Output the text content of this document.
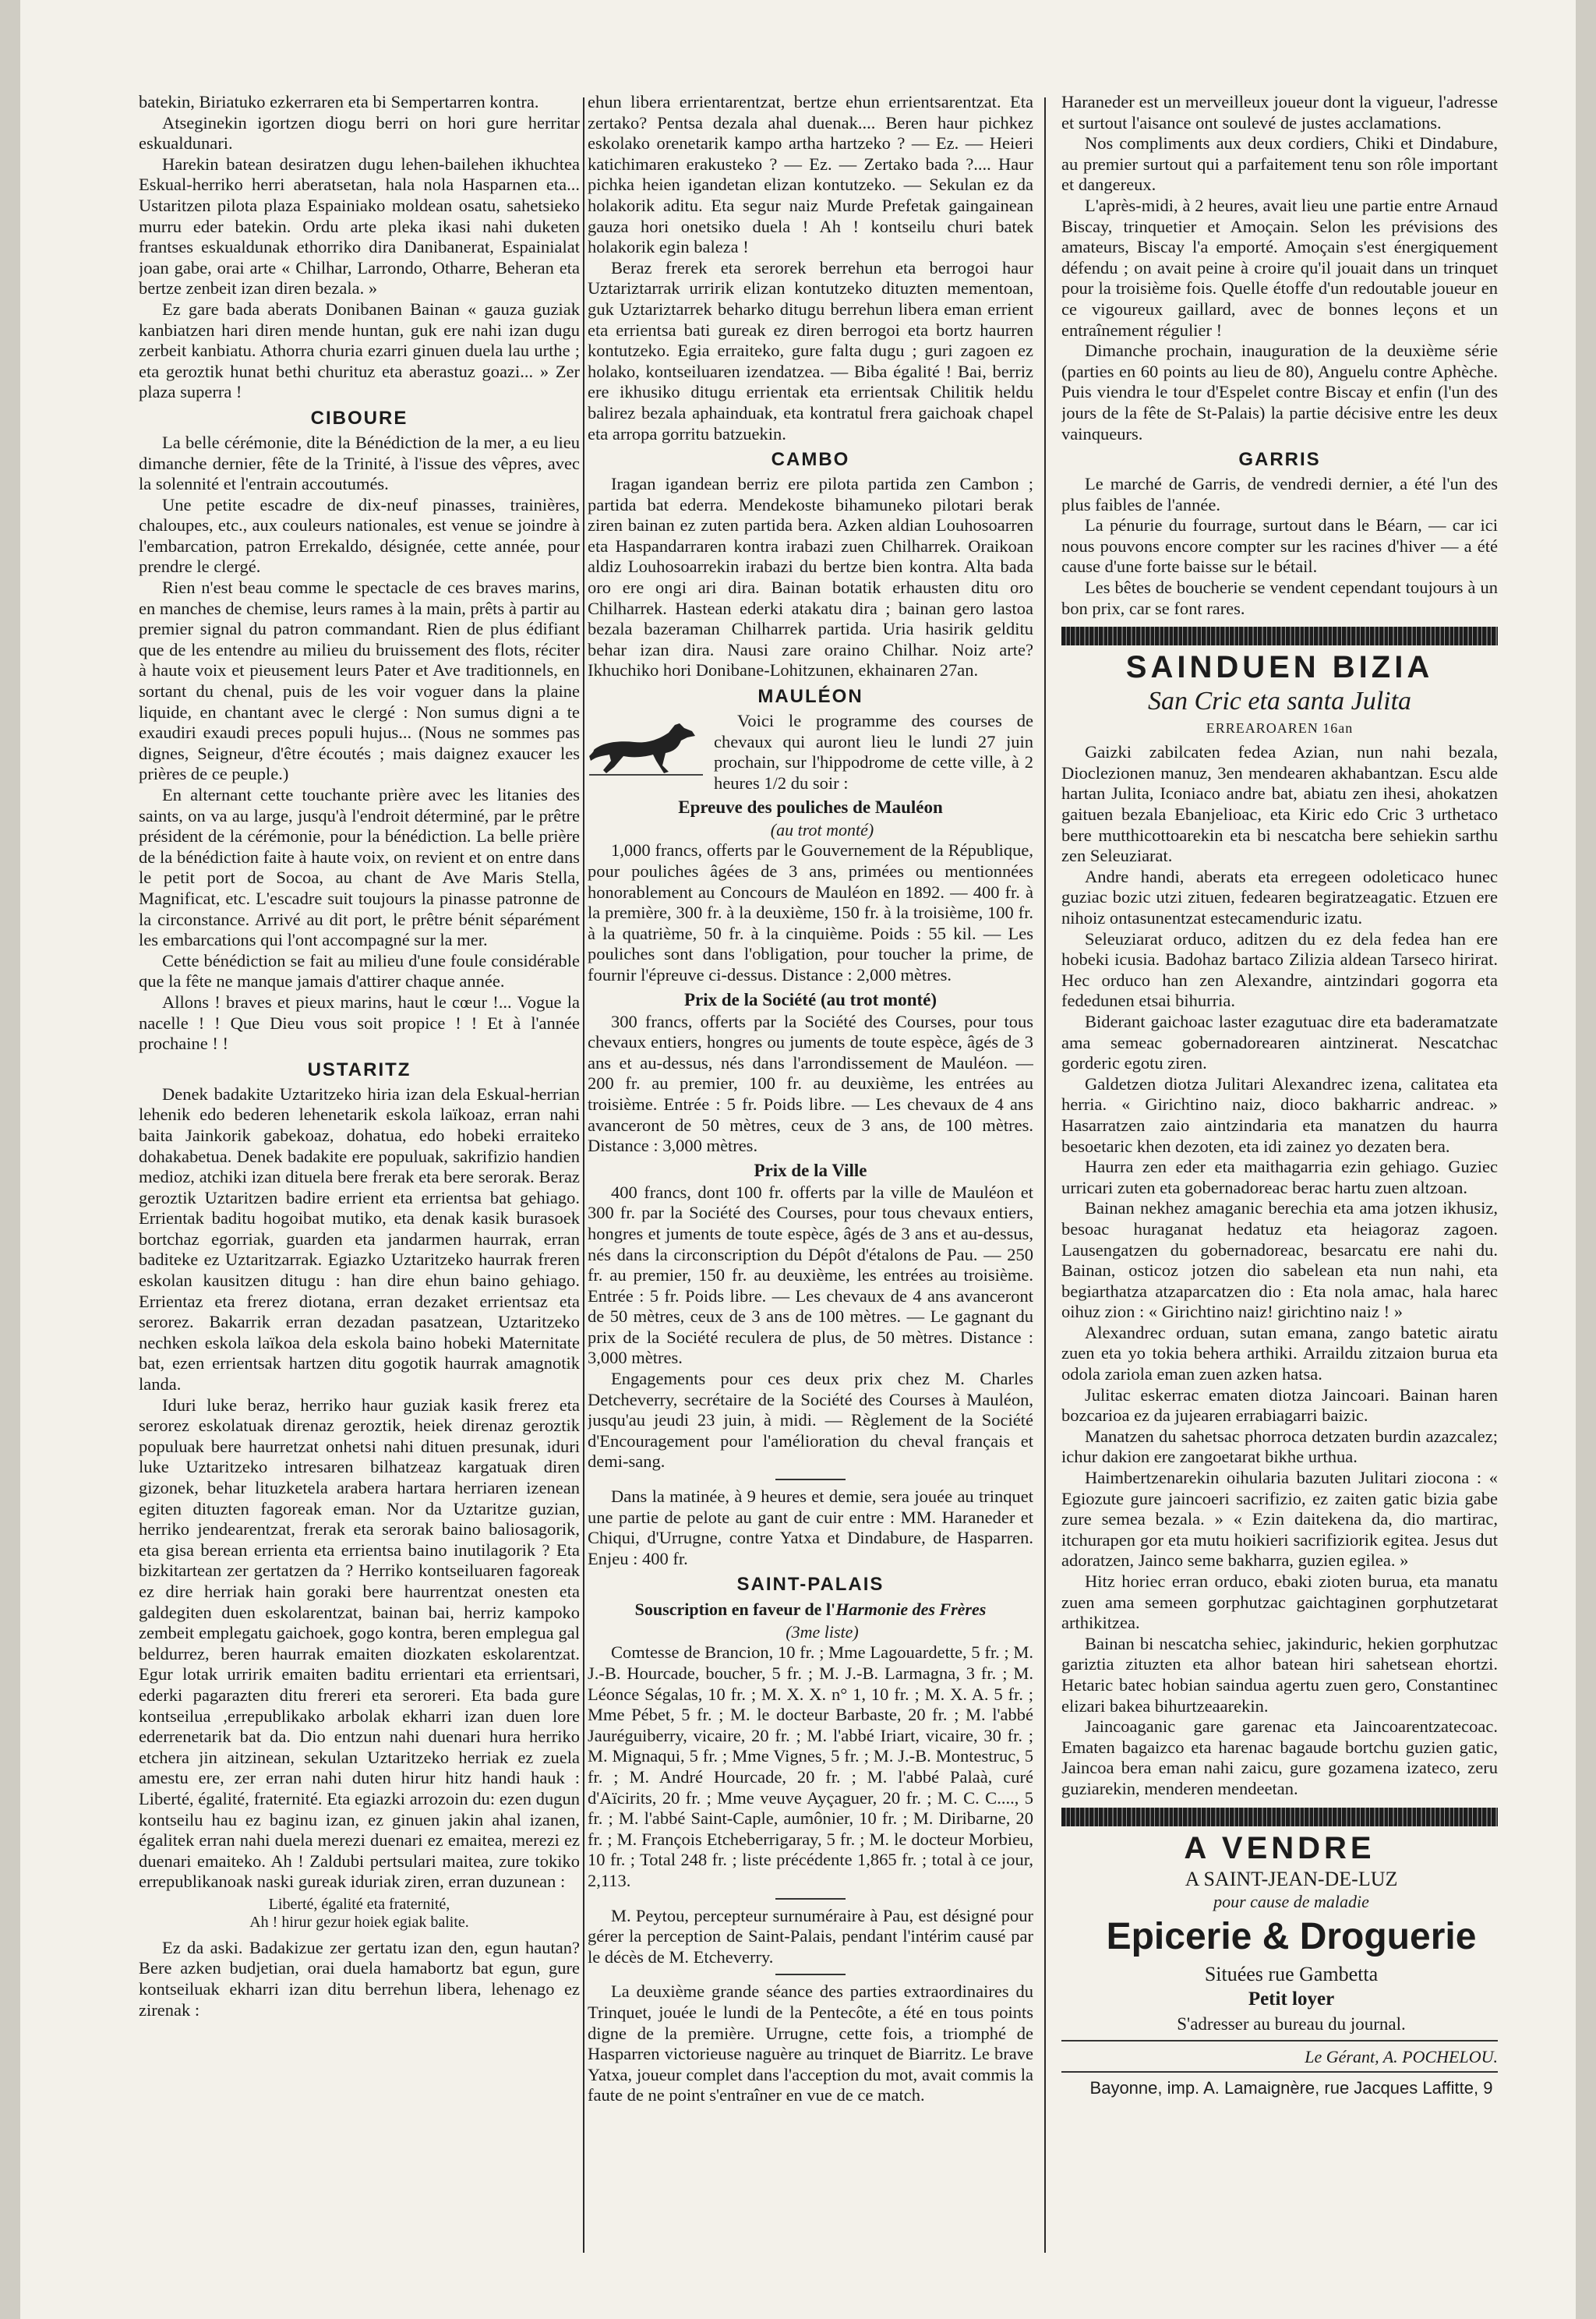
batekin, Biriatuko ezkerraren eta bi Sempertarren kontra.

Atseginekin igortzen diogu berri on hori gure herritar eskualdunari.

Harekin batean desiratzen dugu lehen-bailehen ikhuchtea Eskual-herriko herri aberatsetan, hala nola Hasparnen eta... Ustaritzen pilota plaza Espainiako moldean osatu, sahetsieko murru eder batekin. Ordu arte pleka ikasi nahi duketen frantses eskualdunak ethorriko dira Danibanerat, Espainialat joan gabe, orai arte « Chilhar, Larrondo, Otharre, Beheran eta bertze zenbeit izan diren bezala. »

Ez gare bada aberats Donibanen Bainan « gauza guziak kanbiatzen hari diren mende huntan, guk ere nahi izan dugu zerbeit kanbiatu. Athorra churia ezarri ginuen duela lau urthe ; eta geroztik hunat bethi churituz eta aberastuz goazi... » Zer plaza superra !

CIBOURE

La belle cérémonie, dite la Bénédiction de la mer, a eu lieu dimanche dernier, fête de la Trinité, à l'issue des vêpres, avec la solennité et l'entrain accoutumés.

Une petite escadre de dix-neuf pinasses, trainières, chaloupes, etc., aux couleurs nationales, est venue se joindre à l'embarcation, patron Errekaldo, désignée, cette année, pour prendre le clergé.

Rien n'est beau comme le spectacle de ces braves marins, en manches de chemise, leurs rames à la main, prêts à partir au premier signal du patron commandant. Rien de plus édifiant que de les entendre au milieu du bruissement des flots, réciter à haute voix et pieusement leurs Pater et Ave traditionnels, en sortant du chenal, puis de les voir voguer dans la plaine liquide, en chantant avec le clergé : Non sumus digni a te exaudiri exaudi preces populi hujus... (Nous ne sommes pas dignes, Seigneur, d'être écoutés ; mais daignez exaucer les prières de ce peuple.)

En alternant cette touchante prière avec les litanies des saints, on va au large, jusqu'à l'endroit déterminé, par le prêtre président de la cérémonie, pour la bénédiction. La belle prière de la bénédiction faite à haute voix, on revient et on entre dans le petit port de Socoa, au chant de Ave Maris Stella, Magnificat, etc. L'escadre suit toujours la pinasse patronne de la circonstance. Arrivé au dit port, le prêtre bénit séparément les embarcations qui l'ont accompagné sur la mer.

Cette bénédiction se fait au milieu d'une foule considérable que la fête ne manque jamais d'attirer chaque année.

Allons ! braves et pieux marins, haut le cœur !... Vogue la nacelle ! ! Que Dieu vous soit propice ! ! Et à l'année prochaine ! !

USTARITZ

Denek badakite Uztaritzeko hiria izan dela Eskual-herrian lehenik edo bederen lehenetarik eskola laïkoaz, erran nahi baita Jainkorik gabekoaz, dohatua, edo hobeki erraiteko dohakabetua. Denek badakite ere populuak, sakrifizio handien medioz, atchiki izan dituela bere frerak eta bere serorak. Beraz geroztik Uztaritzen badire errient eta errientsa bat gehiago. Errientak baditu hogoibat mutiko, eta denak kasik burasoek bortchaz egorriak, guarden eta jandarmen haurrak, erran baditeke ez Uztaritzarrak. Egiazko Uztaritzeko haurrak freren eskolan kausitzen ditugu : han dire ehun baino gehiago. Errientaz eta frerez diotana, erran dezaket errientsaz eta serorez. Bakarrik erran dezadan pasatzean, Uztaritzeko nechken eskola laïkoa dela eskola baino hobeki Maternitate bat, ezen errientsak hartzen ditu gogotik haurrak amagnotik landa.

Iduri luke beraz, herriko haur guziak kasik frerez eta serorez eskolatuak direnaz geroztik, heiek direnaz geroztik populuak bere haurretzat onhetsi nahi dituen presunak, iduri luke Uztaritzeko intresaren bilhatzeaz kargatuak diren gizonek, behar lituzketela arabera hartara herriaren izenean egiten dituzten fagoreak eman. Nor da Uztaritze guzian, herriko jendearentzat, frerak eta serorak baino baliosagorik, eta gisa berean errienta eta errientsa baino inutilagorik ? Eta bizkitartean zer gertatzen da ? Herriko kontseiluaren fagoreak ez dire herriak hain goraki bere haurrentzat onesten eta galdegiten duen eskolarentzat, bainan bai, herriz kampoko zembeit emplegatu gaichoek, gogo kontra, beren emplegua gal beldurrez, beren haurrak emaiten diozkaten eskolarentzat. Egur lotak urririk emaiten baditu errientari eta errientsari, ederki pagarazten ditu frereri eta serorerі. Eta bada gure kontseilua ,errepublikako arbolak ekharri izan duen lore ederrenetarik bat da. Dio entzun nahi duenari hura herriko etchera jin aitzinean, sekulan Uztaritzeko herriak ez zuela amestu ere, zer erran nahi duten hirur hitz handi hauk : Liberté, égalité, fraternité. Eta egiazki arrozoin du: ezen dugun kontseilu hau ez baginu izan, ez ginuen jakin ahal izanen, égalitek erran nahi duela merezi duenari ez emaitea, merezi ez duenari emaiteko. Ah ! Zaldubi pertsulari maitea, zure tokiko errepublikanoak naski gureak iduriak ziren, erran duzunean :

Liberté, égalité eta fraternité,

Ah ! hirur gezur hoiek egiak balite.

Ez da aski. Badakizue zer gertatu izan den, egun hautan? Bere azken budjetian, orai duela hamabortz bat egun, gure kontseiluak ekharri izan ditu berrehun libera, lehenago ez zirenak :

ehun libera errientarentzat, bertze ehun errientsarentzat. Eta zertako? Pentsa dezala ahal duenak.... Beren haur pichkez eskolako orenetarik kampo artha hartzeko ? — Ez. — Heieri katichimaren erakusteko ? — Ez. — Zertako bada ?.... Haur pichka heien igandetan elizan kontutzeko. — Sekulan ez da holakorik aditu. Eta segur naiz Murde Prefetak gaingainean gauza hori onetsiko duela ! Ah ! kontseilu churi batek holakorik egin baleza !

Beraz frerek eta serorek berrehun eta berrogoi haur Uztariztarrak urririk elizan kontutzeko dituzten mementoan, guk Uztariztarrek beharko ditugu berrehun libera eman errient eta errientsa bati gureak ez diren berrogoi eta bortz haurren kontutzeko. Egia erraiteko, gure falta dugu ; guri zagoen ez holako, kontseiluaren izendatzea. — Biba égalité ! Bai, berriz ere ikhusiko ditugu errientak eta errientsak Chilitik heldu balirez bezala aphainduak, eta kontratul frera gaichoak chapel eta arropa gorritu batzuekin.

CAMBO

Iragan igandean berriz ere pilota partida zen Cambon ; partida bat ederra. Mendekoste bihamuneko pilotari berak ziren bainan ez zuten partida bera. Azken aldian Louhosoarren eta Haspandarraren kontra irabazi zuen Chilharrek. Oraikoan aldiz Louhosoarrekin irabazi du bertze bien kontra. Alta bada oro ere ongi ari dira. Bainan botatik erhausten ditu oro Chilharrek. Hastean ederki atakatu dira ; bainan gero lastoa bezala bazeraman Chilharrek partida. Uria hasirik gelditu behar izan dira. Nausi zare oraino Chilhar. Noiz arte? Ikhuchiko hori Donibane-Lohitzunen, ekhainaren 27an.

MAULÉON

Voici le programme des courses de chevaux qui auront lieu le lundi 27 juin prochain, sur l'hippodrome de cette ville, à 2 heures 1/2 du soir :

Epreuve des pouliches de Mauléon

(au trot monté)

1,000 francs, offerts par le Gouvernement de la République, pour pouliches âgées de 3 ans, primées ou mentionnées honorablement au Concours de Mauléon en 1892. — 400 fr. à la première, 300 fr. à la deuxième, 150 fr. à la troisième, 100 fr. à la quatrième, 50 fr. à la cinquième. Poids : 55 kil. — Les pouliches sont dans l'obligation, pour toucher la prime, de fournir l'épreuve ci-dessus. Distance : 2,000 mètres.

Prix de la Société (au trot monté)

300 francs, offerts par la Société des Courses, pour tous chevaux entiers, hongres ou juments de toute espèce, âgés de 3 ans et au-dessus, nés dans l'arrondissement de Mauléon. — 200 fr. au premier, 100 fr. au deuxième, les entrées au troisième. Entrée : 5 fr. Poids libre. — Les chevaux de 4 ans avanceront de 50 mètres, ceux de 3 ans, de 100 mètres. Distance : 3,000 mètres.

Prix de la Ville

400 francs, dont 100 fr. offerts par la ville de Mauléon et 300 fr. par la Société des Courses, pour tous chevaux entiers, hongres et juments de toute espèce, âgés de 3 ans et au-dessus, nés dans la circonscription du Dépôt d'étalons de Pau. — 250 fr. au premier, 150 fr. au deuxième, les entrées au troisième. Entrée : 5 fr. Poids libre. — Les chevaux de 4 ans avanceront de 50 mètres, ceux de 3 ans de 100 mètres. — Le gagnant du prix de la Société reculera de plus, de 50 mètres. Distance : 3,000 mètres.

Engagements pour ces deux prix chez M. Charles Detcheverry, secrétaire de la Société des Courses à Mauléon, jusqu'au jeudi 23 juin, à midi. — Règlement de la Société d'Encouragement pour l'amélioration du cheval français et demi-sang.

Dans la matinée, à 9 heures et demie, sera jouée au trinquet une partie de pelote au gant de cuir entre : MM. Haraneder et Chiqui, d'Urrugne, contre Yatxa et Dindabure, de Hasparren. Enjeu : 400 fr.

SAINT-PALAIS
Souscription en faveur de l'Harmonie des Frères

(3me liste)

Comtesse de Brancion, 10 fr. ; Mme Lagouardette, 5 fr. ; M. J.-B. Hourcade, boucher, 5 fr. ; M. J.-B. Larmagna, 3 fr. ; M. Léonce Ségalas, 10 fr. ; M. X. X. n° 1, 10 fr. ; M. X. A. 5 fr. ; Mme Pébet, 5 fr. ; M. le docteur Barbaste, 20 fr. ; M. l'abbé Jauréguiberry, vicaire, 20 fr. ; M. l'abbé Iriart, vicaire, 30 fr. ; M. Mignaqui, 5 fr. ; Mme Vignes, 5 fr. ; M. J.-B. Montestruc, 5 fr. ; M. André Hourcade, 20 fr. ; M. l'abbé Palaà, curé d'Aïcirits, 20 fr. ; Mme veuve Ayçaguer, 20 fr. ; M. C. C...., 5 fr. ; M. l'abbé Saint-Caple, aumônier, 10 fr. ; M. Diribarne, 20 fr. ; M. François Etcheberrigaray, 5 fr. ; M. le docteur Morbieu, 10 fr. ; Total 248 fr. ; liste précédente 1,865 fr. ; total à ce jour, 2,113.

M. Peytou, percepteur surnuméraire à Pau, est désigné pour gérer la perception de Saint-Palais, pendant l'intérim causé par le décès de M. Etcheverry.

La deuxième grande séance des parties extraordinaires du Trinquet, jouée le lundi de la Pentecôte, a été en tous points digne de la première. Urrugne, cette fois, a triomphé de Hasparren victorieuse naguère au trinquet de Biarritz. Le brave Yatxa, joueur complet dans l'acception du mot, avait commis la faute de ne point s'entraîner en vue de ce match.

Haraneder est un merveilleux joueur dont la vigueur, l'adresse et surtout l'aisance ont soulevé de justes acclamations.

Nos compliments aux deux cordiers, Chiki et Dindabure, au premier surtout qui a parfaitement tenu son rôle important et dangereux.

L'après-midi, à 2 heures, avait lieu une partie entre Arnaud Biscay, trinquetier et Amoçain. Selon les prévisions des amateurs, Biscay l'a emporté. Amoçain s'est énergiquement défendu ; on avait peine à croire qu'il jouait dans un trinquet pour la troisième fois. Quelle étoffe d'un redoutable joueur en ce vigoureux gaillard, avec de bonnes leçons et un entraînement régulier !

Dimanche prochain, inauguration de la deuxième série (parties en 60 points au lieu de 80), Anguelu contre Aphèche. Puis viendra le tour d'Espelet contre Biscay et enfin (l'un des jours de la fête de St-Palais) la partie décisive entre les deux vainqueurs.

GARRIS

Le marché de Garris, de vendredi dernier, a été l'un des plus faibles de l'année.

La pénurie du fourrage, surtout dans le Béarn, — car ici nous pouvons encore compter sur les racines d'hiver — a été cause d'une forte baisse sur le bétail.

Les bêtes de boucherie se vendent cependant toujours à un bon prix, car se font rares.

SAINDUEN BIZIA
San Cric eta santa Julita
ERREAROAREN 16an

Gaizki zabilcaten fedea Azian, nun nahi bezala, Dioclezionen manuz, 3en mendearen akhabantzan. Escu alde hartan Julita, Iconiaco andre bat, abiatu zen ihesi, ahokatzen gaituen bezala Ebanjelioac, eta Kiric edo Cric 3 urthetaco bere mutthicottoarekin eta bi nescatcha bere sehiekin sarthu zen Seleuziarat.

Andre handi, aberats eta erregeen odoleticaco hunec guziac bozic utzi zituen, fedearen begiratzeagatic. Etzuen ere nihoiz ontasunentzat estecamenduric izatu.

Seleuziarat orduco, aditzen du ez dela fedea han ere hobeki icusia. Badohaz bartaco Zilizia aldean Tarseco hirirat. Hec orduco han zen Alexandre, aintzindari gogorra eta fededunen etsai bihurria.

Biderant gaichoac laster ezagutuac dire eta baderamatzate ama semeac gobernadorearen aintzinerat. Nescatchac gorderic egotu ziren.

Galdetzen diotza Julitari Alexandrec izena, calitatea eta herria. « Girichtino naiz, dioco bakharric andreac. » Hasarratzen zaio aintzindaria eta manatzen du haurra besoetaric khen dezoten, eta idi zainez yo dezaten bera.

Haurra zen eder eta maithagarria ezin gehiago. Guziec urricari zuten eta gobernadoreac berac hartu zuen altzoan.

Bainan nekhez amaganic berechia eta ama jotzen ikhusiz, besoac huraganat hedatuz eta heiagoraz zagoen. Lausengatzen du gobernadoreac, besarcatu ere nahi du. Bainan, osticoz jotzen dio sabelean eta nun nahi, eta begiarthatza atzaparcatzen dio : Eta nola amac, hala harec oihuz zion : « Girichtino naiz! girichtino naiz ! »

Alexandrec orduan, sutan emana, zango batetic airatu zuen eta yo tokia behera arthiki. Arraildu zitzaion burua eta odola zariola eman zuen azken hatsa.

Julitac eskerrac ematen diotza Jaincoari. Bainan haren bozcarioa ez da jujearen errabiagarri baizic.

Manatzen du sahetsac phorroca detzaten burdin azazcalez; ichur dakion ere zangoetarat bikhe urthua.

Haimbertzenarekin oihularia bazuten Julitari ziocona : « Egiozute gure jaincoeri sacrifizio, ez zaiten gatic bizia gabe zure semea bezala. » « Ezin daitekena da, dio martirac, itchurapen gor eta mutu hoikieri sacrifiziorik egitea. Jesus dut adoratzen, Jainco seme bakharra, guzien egilea. »

Hitz horiec erran orduco, ebaki zioten burua, eta manatu zuen ama semeen gorphutzac gaichtaginen gorphutzetarat arthikitzea.

Bainan bi nescatcha sehiec, jakinduric, hekien gorphutzac gariztia zituzten eta alhor batean hiri sahetsean ehortzi. Hetaric batec hobian saindua agertu zuen gero, Constantinec elizari bakea bihurtzeaarekin.

Jaincoaganic gare garenac eta Jaincoarentzatecoac. Ematen bagaizco eta harenac bagaude bortchu guzien gatic, Jaincoa bera eman nahi zaicu, gure gozamena izateco, zeru guziarekin, menderen mendeetan.

A VENDRE

A SAINT-JEAN-DE-LUZ

pour cause de maladie

Epicerie & Droguerie

Situées rue Gambetta

Petit loyer

S'adresser au bureau du journal.

Le Gérant, A. POCHELOU.

Bayonne, imp. A. Lamaignère, rue Jacques Laffitte, 9
